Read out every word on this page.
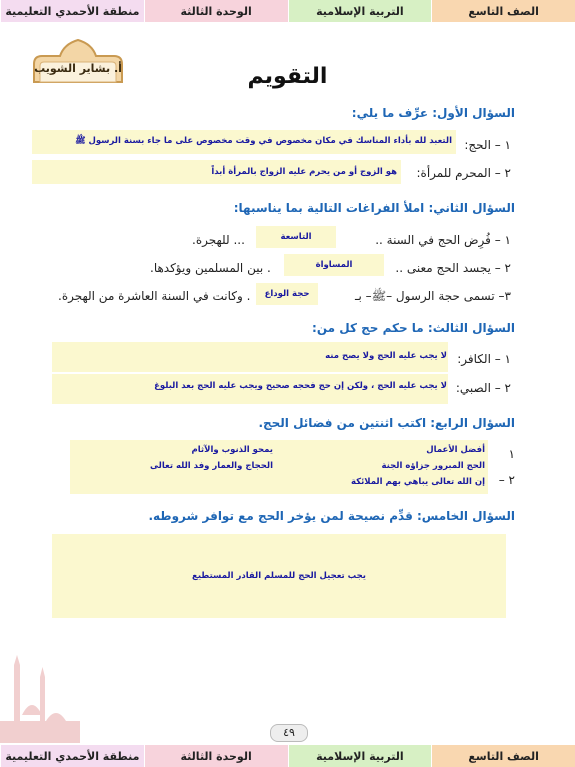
الصف التاسع
التربية الإسلامية
الوحدة الثالثة
منطقة الأحمدي التعليمية
أ. بشاير الشويب	التقويم
السؤال الأول: عرِّف ما يلي:
١ – الحج:
التعبد لله بأداء المناسك في مكان مخصوص في وقت مخصوص على ما جاء بسنة الرسول ﷺ
٢ – المحرم للمرأة:
هو الزوج أو من يحرم عليه الزواج بالمرأة أبداً
السؤال الثاني: املأ الفراغات التالية بما يناسبها:
١ – فُرِض الحج في السنة ..
التاسعة
... للهجرة.
٢ – يجسد الحج معنى ..
المساواة
. بين المسلمين ويؤكدها.
٣– تسمى حجة الرسول –ﷺ– بـ
حجة الوداع
. وكانت في السنة العاشرة من الهجرة.
السؤال الثالث: ما حكم حج كل من:
١ – الكافر:
لا يجب عليه الحج ولا يصح منه
٢ – الصبي:
لا يجب عليه الحج ، ولكن إن حج فحجه صحيح ويجب عليه الحج بعد البلوغ
السؤال الرابع: اكتب اثنتين من فضائل الحج.
١
٢ –
أفضل الأعمال
الحج المبرور جزاؤه الجنة
إن الله تعالى يباهي بهم الملائكة
يمحو الذنوب والآثام
الحجاج والعمار وفد الله تعالى
السؤال الخامس: قدِّم نصيحة لمن يؤخر الحج مع توافر شروطه.
يجب تعجيل الحج للمسلم القادر المستطيع
٤٩
الصف التاسع
التربية الإسلامية
الوحدة الثالثة
منطقة الأحمدي التعليمية
